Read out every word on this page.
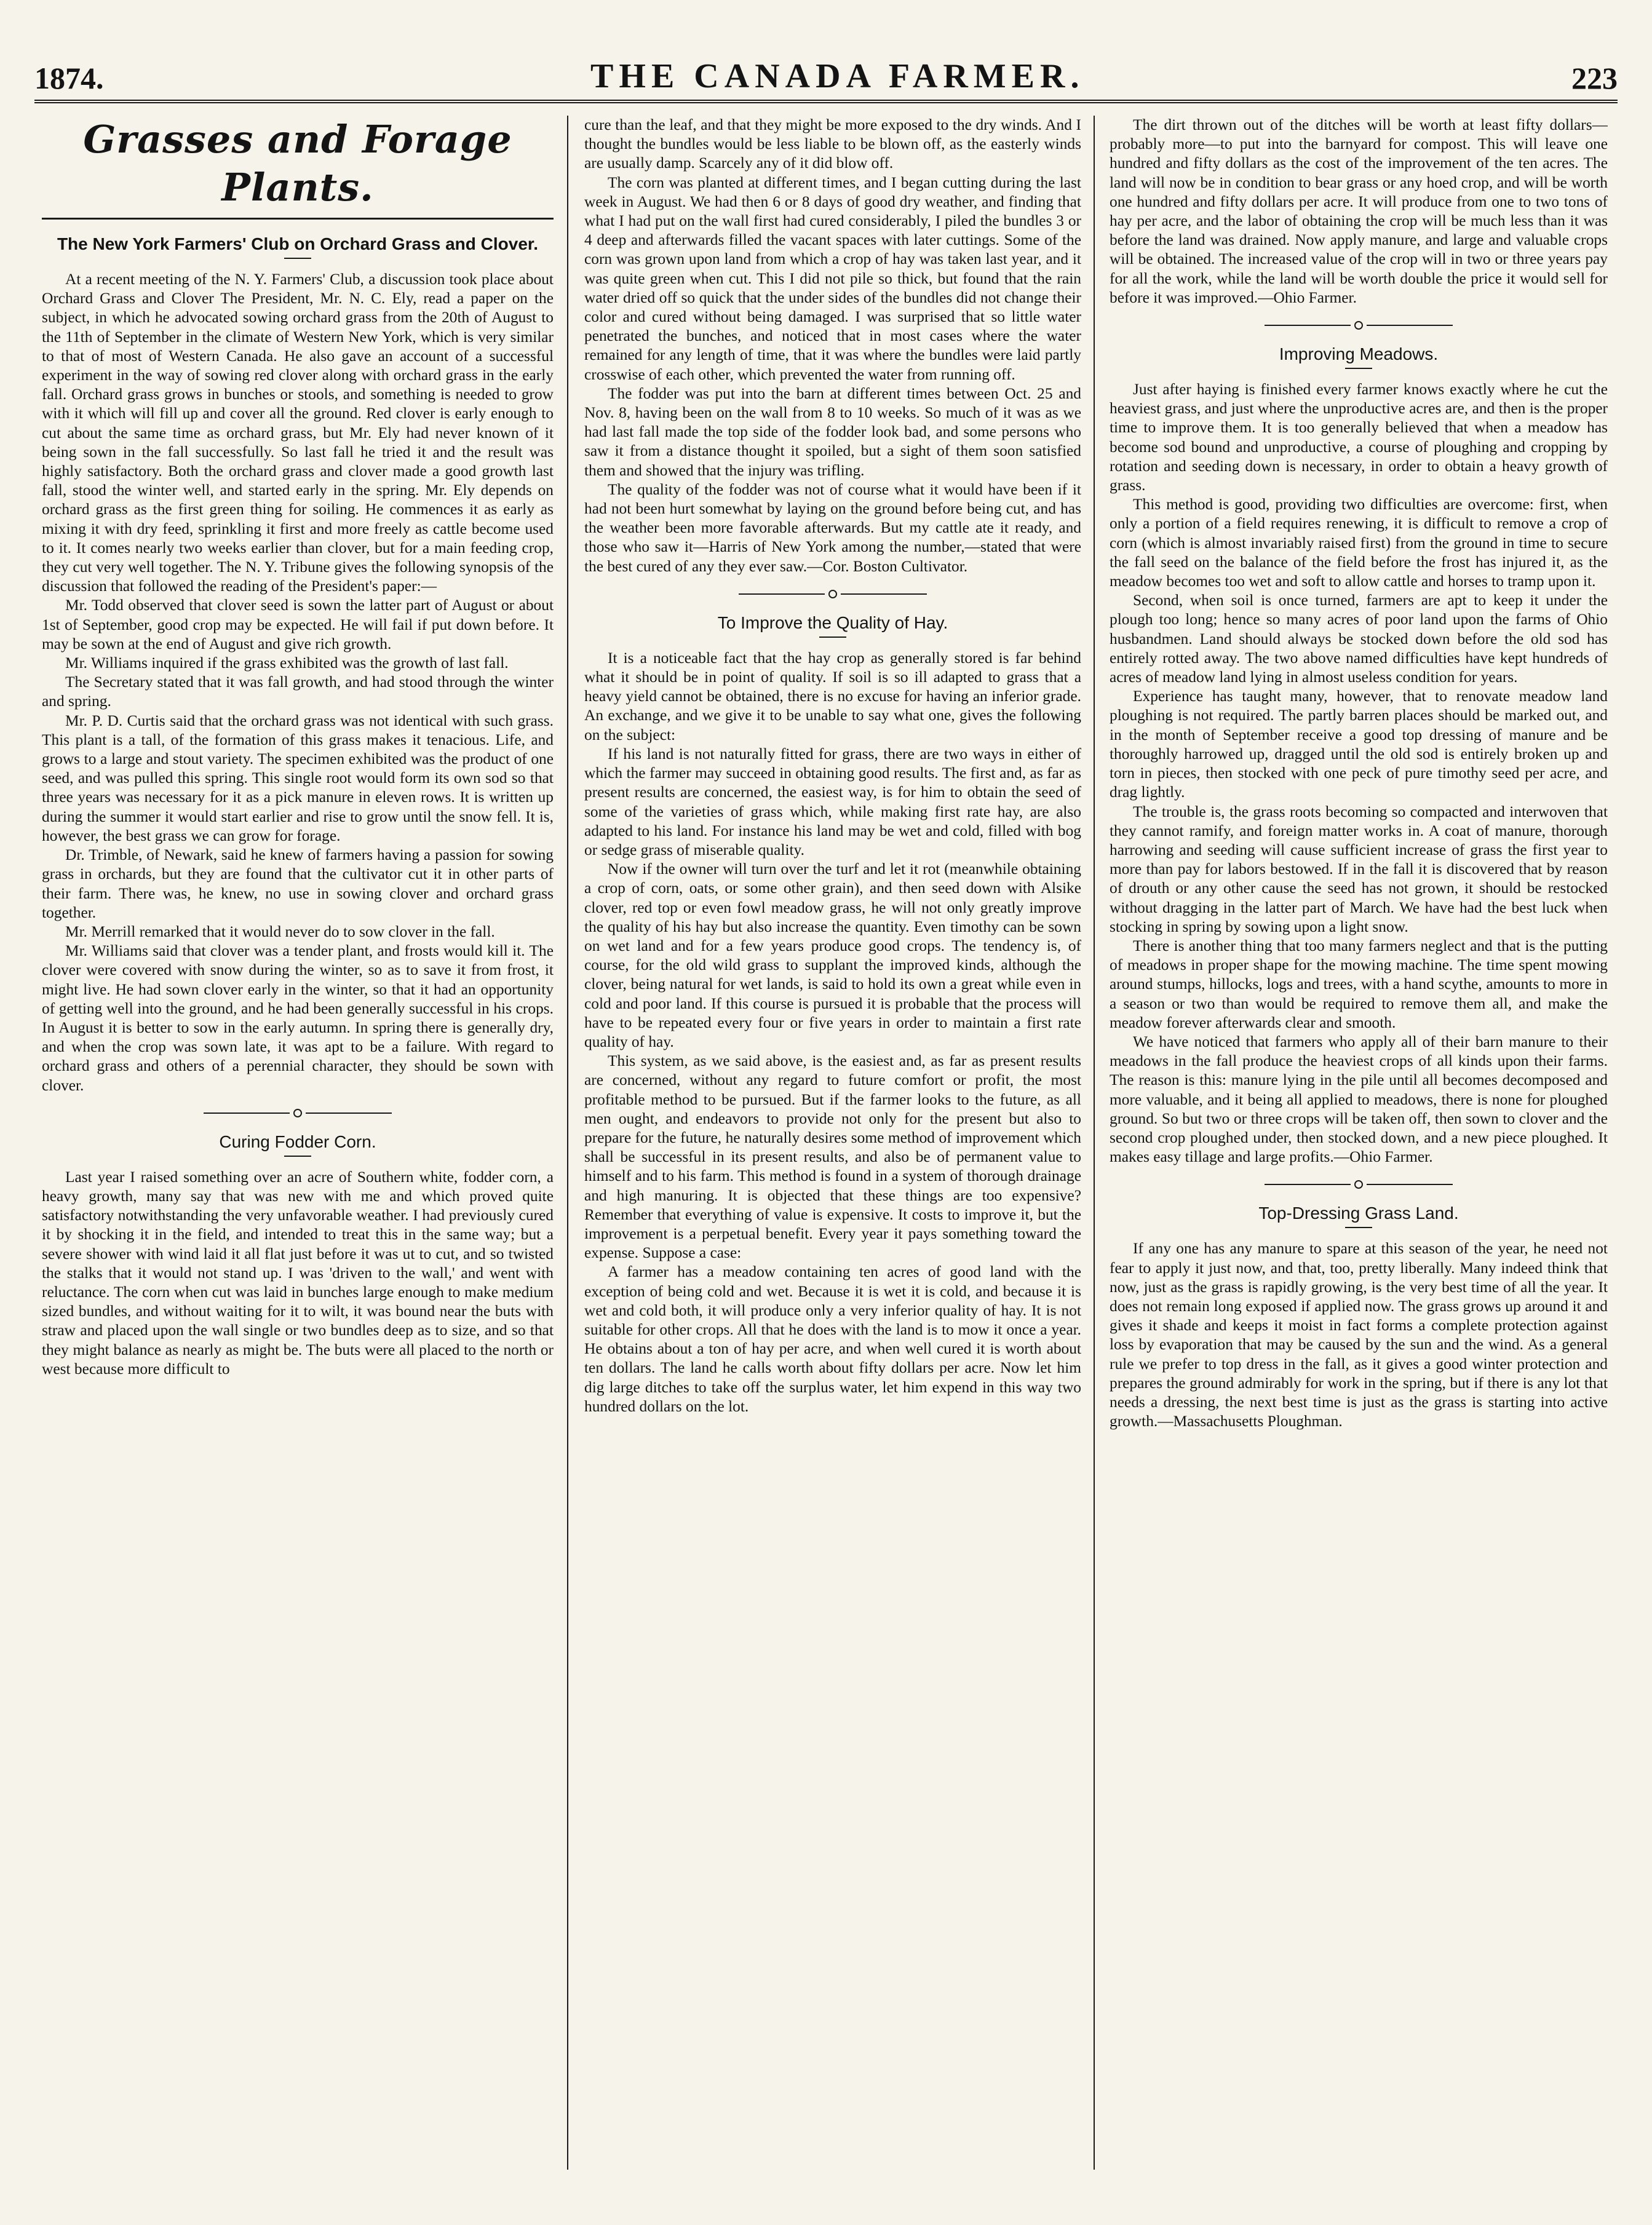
1874.	THE CANADA FARMER.	223
Grasses and Forage Plants.
The New York Farmers' Club on Orchard Grass and Clover.

At a recent meeting of the N. Y. Farmers' Club, a discussion took place about Orchard Grass and Clover The President, Mr. N. C. Ely, read a paper on the subject, in which he advocated sowing orchard grass from the 20th of August to the 11th of September in the climate of Western New York, which is very similar to that of most of Western Canada. He also gave an account of a successful experiment in the way of sowing red clover along with orchard grass in the early fall. Orchard grass grows in bunches or stools, and something is needed to grow with it which will fill up and cover all the ground. Red clover is early enough to cut about the same time as orchard grass, but Mr. Ely had never known of it being sown in the fall successfully. So last fall he tried it and the result was highly satisfactory. Both the orchard grass and clover made a good growth last fall, stood the winter well, and started early in the spring. Mr. Ely depends on orchard grass as the first green thing for soiling. He commences it as early as mixing it with dry feed, sprinkling it first and more freely as cattle become used to it. It comes nearly two weeks earlier than clover, but for a main feeding crop, they cut very well together. The N. Y. Tribune gives the following synopsis of the discussion that followed the reading of the President's paper:—

Mr. Todd observed that clover seed is sown the latter part of August or about 1st of September, good crop may be expected. He will fail if put down before. It may be sown at the end of August and give rich growth.

Mr. Williams inquired if the grass exhibited was the growth of last fall.

The Secretary stated that it was fall growth, and had stood through the winter and spring.

Mr. P. D. Curtis said that the orchard grass was not identical with such grass. This plant is a tall, of the formation of this grass makes it tenacious. Life, and grows to a large and stout variety. The specimen exhibited was the product of one seed, and was pulled this spring. This single root would form its own sod so that three years was necessary for it as a pick manure in eleven rows. It is written up during the summer it would start earlier and rise to grow until the snow fell. It is, however, the best grass we can grow for forage.

Dr. Trimble, of Newark, said he knew of farmers having a passion for sowing grass in orchards, but they are found that the cultivator cut it in other parts of their farm. There was, he knew, no use in sowing clover and orchard grass together.

Mr. Merrill remarked that it would never do to sow clover in the fall.

Mr. Williams said that clover was a tender plant, and frosts would kill it. The clover were covered with snow during the winter, so as to save it from frost, it might live. He had sown clover early in the winter, so that it had an opportunity of getting well into the ground, and he had been generally successful in his crops. In August it is better to sow in the early autumn. In spring there is generally dry, and when the crop was sown late, it was apt to be a failure. With regard to orchard grass and others of a perennial character, they should be sown with clover.

Curing Fodder Corn.

Last year I raised something over an acre of Southern white, fodder corn, a heavy growth, many say that was new with me and which proved quite satisfactory notwithstanding the very unfavorable weather. I had previously cured it by shocking it in the field, and intended to treat this in the same way; but a severe shower with wind laid it all flat just before it was ut to cut, and so twisted the stalks that it would not stand up. I was 'driven to the wall,' and went with reluctance. The corn when cut was laid in bunches large enough to make medium sized bundles, and without waiting for it to wilt, it was bound near the buts with straw and placed upon the wall single or two bundles deep as to size, and so that they might balance as nearly as might be. The buts were all placed to the north or west because more difficult to

cure than the leaf, and that they might be more exposed to the dry winds. And I thought the bundles would be less liable to be blown off, as the easterly winds are usually damp. Scarcely any of it did blow off.

The corn was planted at different times, and I began cutting during the last week in August. We had then 6 or 8 days of good dry weather, and finding that what I had put on the wall first had cured considerably, I piled the bundles 3 or 4 deep and afterwards filled the vacant spaces with later cuttings. Some of the corn was grown upon land from which a crop of hay was taken last year, and it was quite green when cut. This I did not pile so thick, but found that the rain water dried off so quick that the under sides of the bundles did not change their color and cured without being damaged. I was surprised that so little water penetrated the bunches, and noticed that in most cases where the water remained for any length of time, that it was where the bundles were laid partly crosswise of each other, which prevented the water from running off.

The fodder was put into the barn at different times between Oct. 25 and Nov. 8, having been on the wall from 8 to 10 weeks. So much of it was as we had last fall made the top side of the fodder look bad, and some persons who saw it from a distance thought it spoiled, but a sight of them soon satisfied them and showed that the injury was trifling.

The quality of the fodder was not of course what it would have been if it had not been hurt somewhat by laying on the ground before being cut, and has the weather been more favorable afterwards. But my cattle ate it ready, and those who saw it—Harris of New York among the number,—stated that were the best cured of any they ever saw.—Cor. Boston Cultivator.

To Improve the Quality of Hay.

It is a noticeable fact that the hay crop as generally stored is far behind what it should be in point of quality. If soil is so ill adapted to grass that a heavy yield cannot be obtained, there is no excuse for having an inferior grade. An exchange, and we give it to be unable to say what one, gives the following on the subject:

If his land is not naturally fitted for grass, there are two ways in either of which the farmer may succeed in obtaining good results. The first and, as far as present results are concerned, the easiest way, is for him to obtain the seed of some of the varieties of grass which, while making first rate hay, are also adapted to his land. For instance his land may be wet and cold, filled with bog or sedge grass of miserable quality.

Now if the owner will turn over the turf and let it rot (meanwhile obtaining a crop of corn, oats, or some other grain), and then seed down with Alsike clover, red top or even fowl meadow grass, he will not only greatly improve the quality of his hay but also increase the quantity. Even timothy can be sown on wet land and for a few years produce good crops. The tendency is, of course, for the old wild grass to supplant the improved kinds, although the clover, being natural for wet lands, is said to hold its own a great while even in cold and poor land. If this course is pursued it is probable that the process will have to be repeated every four or five years in order to maintain a first rate quality of hay.

This system, as we said above, is the easiest and, as far as present results are concerned, without any regard to future comfort or profit, the most profitable method to be pursued. But if the farmer looks to the future, as all men ought, and endeavors to provide not only for the present but also to prepare for the future, he naturally desires some method of improvement which shall be successful in its present results, and also be of permanent value to himself and to his farm. This method is found in a system of thorough drainage and high manuring. It is objected that these things are too expensive? Remember that everything of value is expensive. It costs to improve it, but the improvement is a perpetual benefit. Every year it pays something toward the expense. Suppose a case:

A farmer has a meadow containing ten acres of good land with the exception of being cold and wet. Because it is wet it is cold, and because it is wet and cold both, it will produce only a very inferior quality of hay. It is not suitable for other crops. All that he does with the land is to mow it once a year. He obtains about a ton of hay per acre, and when well cured it is worth about ten dollars. The land he calls worth about fifty dollars per acre. Now let him dig large ditches to take off the surplus water, let him expend in this way two hundred dollars on the lot.

The dirt thrown out of the ditches will be worth at least fifty dollars—probably more—to put into the barnyard for compost. This will leave one hundred and fifty dollars as the cost of the improvement of the ten acres. The land will now be in condition to bear grass or any hoed crop, and will be worth one hundred and fifty dollars per acre. It will produce from one to two tons of hay per acre, and the labor of obtaining the crop will be much less than it was before the land was drained. Now apply manure, and large and valuable crops will be obtained. The increased value of the crop will in two or three years pay for all the work, while the land will be worth double the price it would sell for before it was improved.—Ohio Farmer.

Improving Meadows.

Just after haying is finished every farmer knows exactly where he cut the heaviest grass, and just where the unproductive acres are, and then is the proper time to improve them. It is too generally believed that when a meadow has become sod bound and unproductive, a course of ploughing and cropping by rotation and seeding down is necessary, in order to obtain a heavy growth of grass.

This method is good, providing two difficulties are overcome: first, when only a portion of a field requires renewing, it is difficult to remove a crop of corn (which is almost invariably raised first) from the ground in time to secure the fall seed on the balance of the field before the frost has injured it, as the meadow becomes too wet and soft to allow cattle and horses to tramp upon it.

Second, when soil is once turned, farmers are apt to keep it under the plough too long; hence so many acres of poor land upon the farms of Ohio husbandmen. Land should always be stocked down before the old sod has entirely rotted away. The two above named difficulties have kept hundreds of acres of meadow land lying in almost useless condition for years.

Experience has taught many, however, that to renovate meadow land ploughing is not required. The partly barren places should be marked out, and in the month of September receive a good top dressing of manure and be thoroughly harrowed up, dragged until the old sod is entirely broken up and torn in pieces, then stocked with one peck of pure timothy seed per acre, and drag lightly.

The trouble is, the grass roots becoming so compacted and interwoven that they cannot ramify, and foreign matter works in. A coat of manure, thorough harrowing and seeding will cause sufficient increase of grass the first year to more than pay for labors bestowed. If in the fall it is discovered that by reason of drouth or any other cause the seed has not grown, it should be restocked without dragging in the latter part of March. We have had the best luck when stocking in spring by sowing upon a light snow.

There is another thing that too many farmers neglect and that is the putting of meadows in proper shape for the mowing machine. The time spent mowing around stumps, hillocks, logs and trees, with a hand scythe, amounts to more in a season or two than would be required to remove them all, and make the meadow forever afterwards clear and smooth.

We have noticed that farmers who apply all of their barn manure to their meadows in the fall produce the heaviest crops of all kinds upon their farms. The reason is this: manure lying in the pile until all becomes decomposed and more valuable, and it being all applied to meadows, there is none for ploughed ground. So but two or three crops will be taken off, then sown to clover and the second crop ploughed under, then stocked down, and a new piece ploughed. It makes easy tillage and large profits.—Ohio Farmer.

Top-Dressing Grass Land.

If any one has any manure to spare at this season of the year, he need not fear to apply it just now, and that, too, pretty liberally. Many indeed think that now, just as the grass is rapidly growing, is the very best time of all the year. It does not remain long exposed if applied now. The grass grows up around it and gives it shade and keeps it moist in fact forms a complete protection against loss by evaporation that may be caused by the sun and the wind. As a general rule we prefer to top dress in the fall, as it gives a good winter protection and prepares the ground admirably for work in the spring, but if there is any lot that needs a dressing, the next best time is just as the grass is starting into active growth.—Massachusetts Ploughman.
